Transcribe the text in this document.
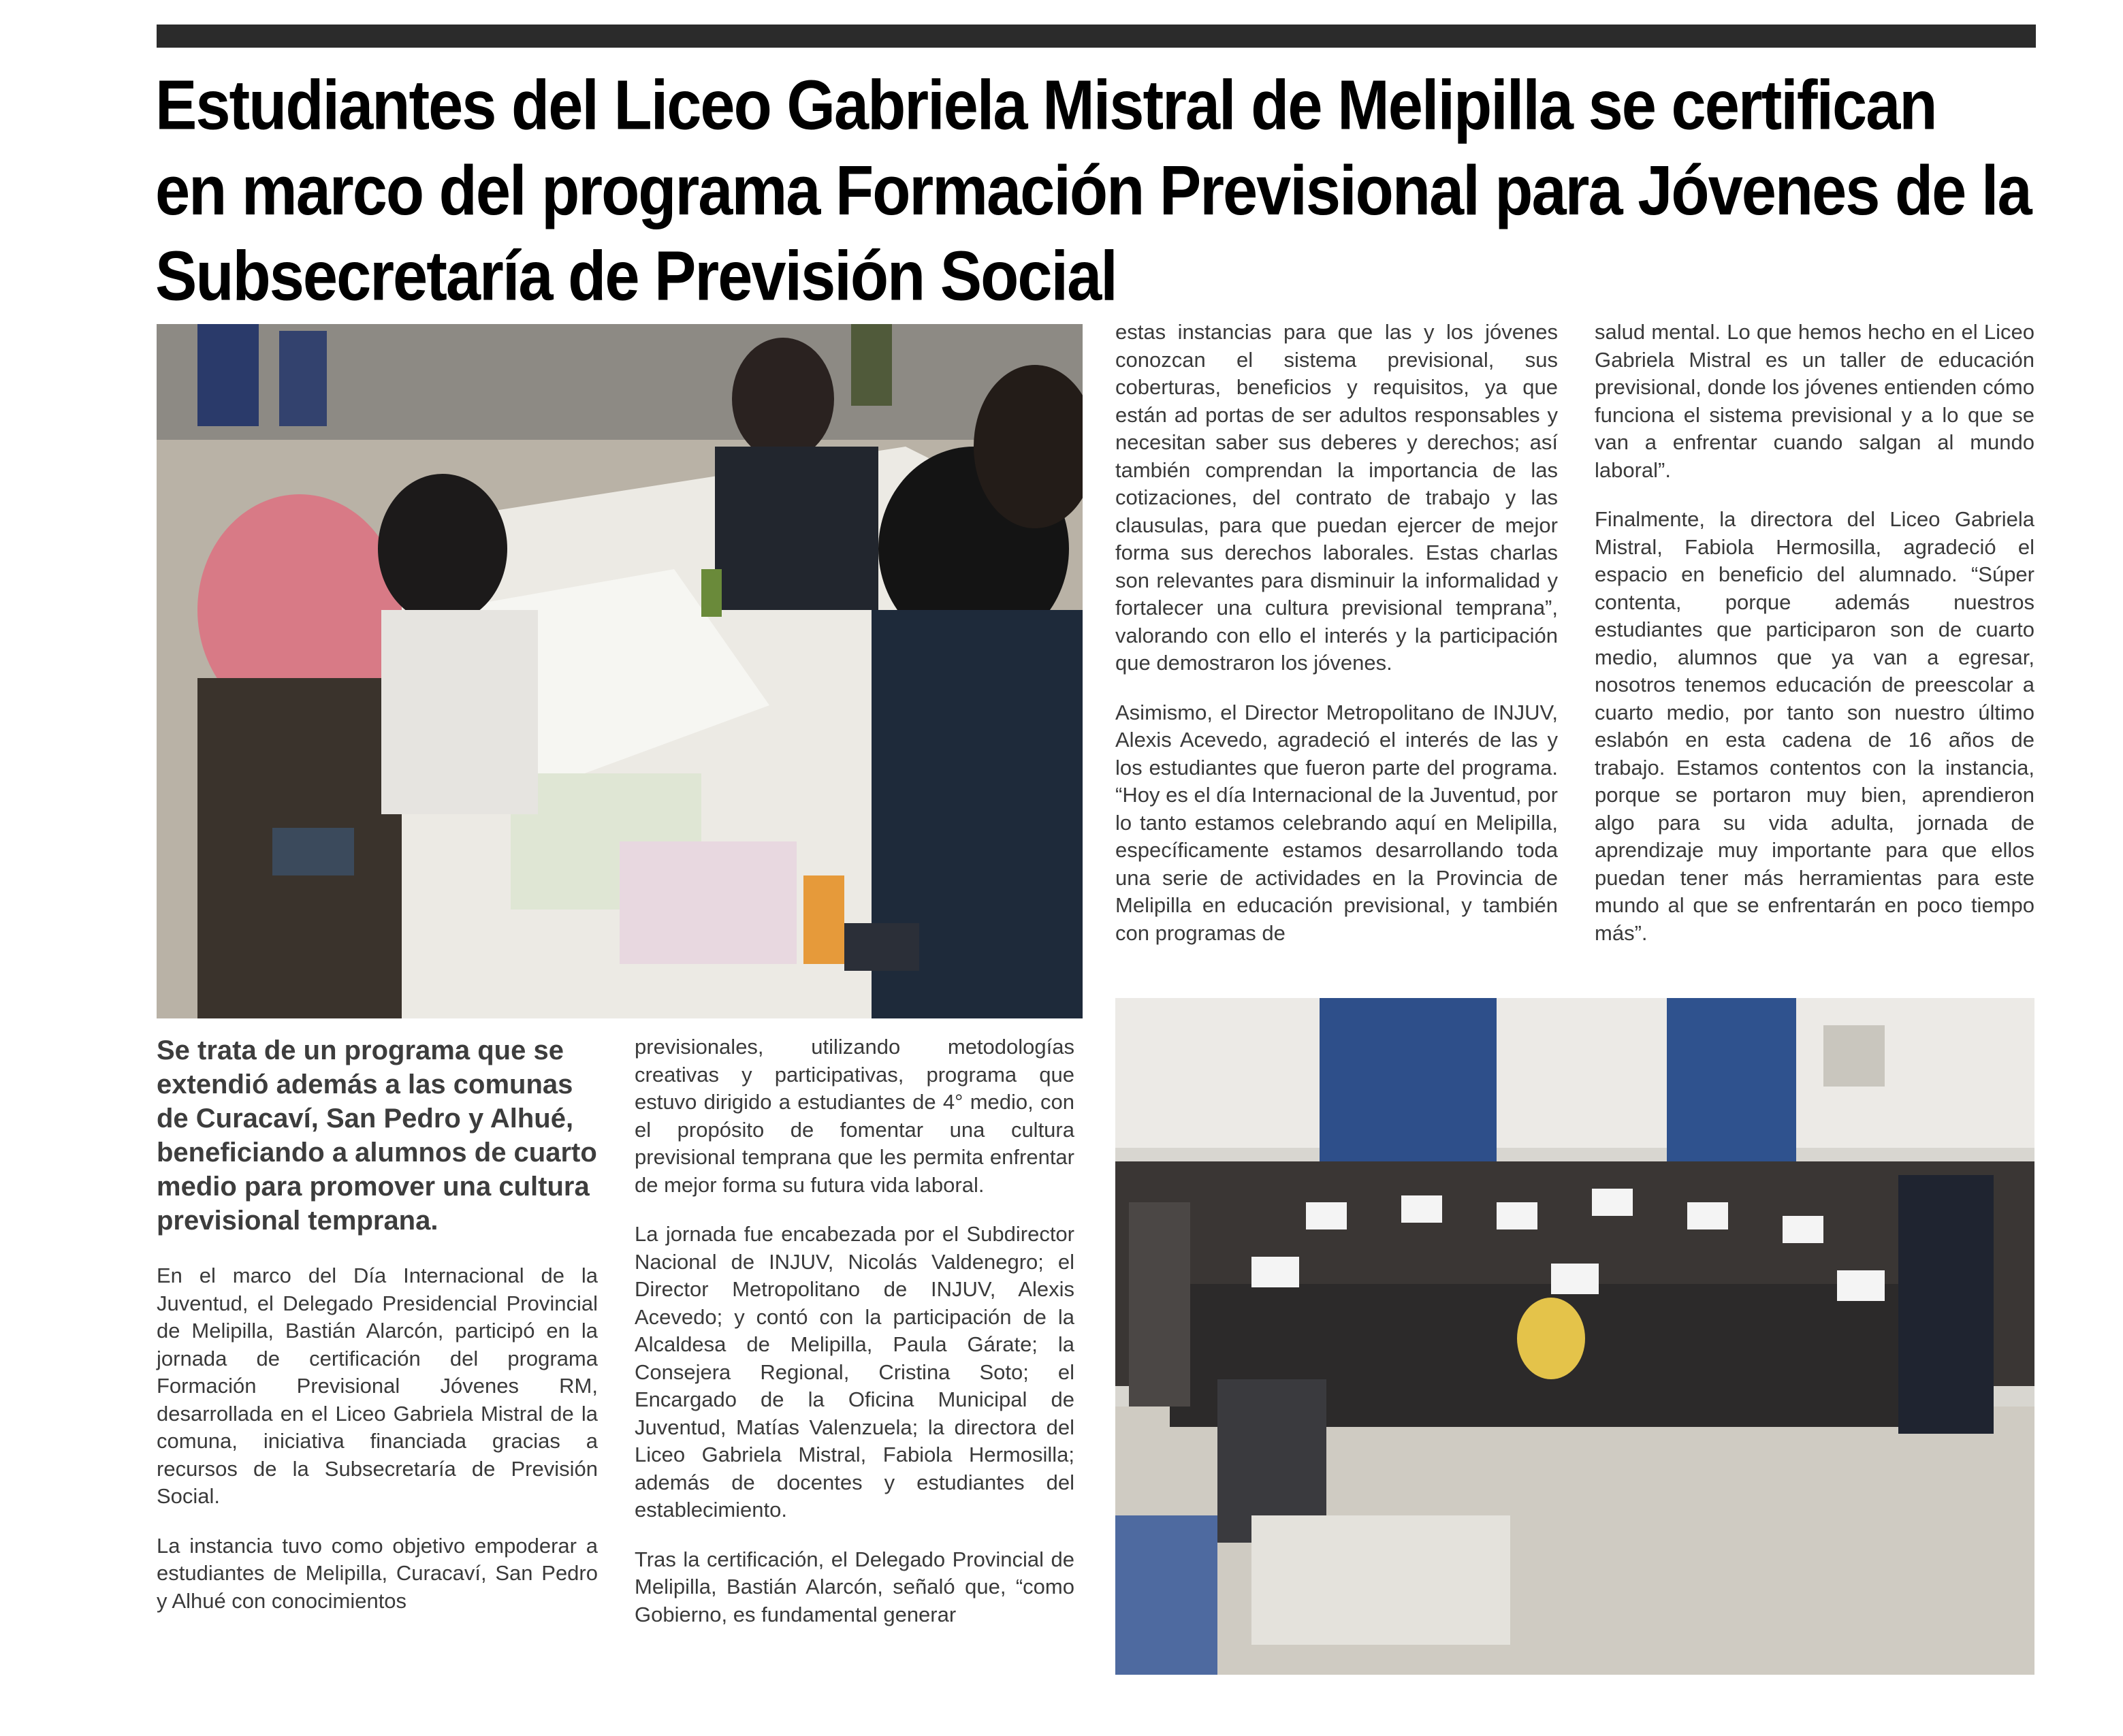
Estudiantes del Liceo Gabriela Mistral de Melipilla se certifican
en marco del programa Formación Previsional para Jóvenes de la
Subsecretaría de Previsión Social

Se trata de un programa que se extendió además a las comunas de Curacaví, San Pedro y Alhué, beneficiando a alumnos de cuarto medio para promover una cultura previsional temprana.

En el marco del Día Internacional de la Juventud, el Delegado Presidencial Provincial de Melipilla, Bastián Alarcón, participó en la jornada de certificación del programa Formación Previsional Jóvenes RM, desarrollada en el Liceo Gabriela Mistral de la comuna, iniciativa financiada gracias a recursos de la Subsecretaría de Previsión Social.

La instancia tuvo como objetivo empoderar a estudiantes de Melipilla, Curacaví, San Pedro y Alhué con conocimientos

previsionales, utilizando metodologías creativas y participativas, programa que estuvo dirigido a estudiantes de 4° medio, con el propósito de fomentar una cultura previsional temprana que les permita enfrentar de mejor forma su futura vida laboral.

La jornada fue encabezada por el Subdirector Nacional de INJUV, Nicolás Valdenegro; el Director Metropolitano de INJUV, Alexis Acevedo; y contó con la participación de la Alcaldesa de Melipilla, Paula Gárate; la Consejera Regional, Cristina Soto; el Encargado de la Oficina Municipal de Juventud, Matías Valenzuela; la directora del Liceo Gabriela Mistral, Fabiola Hermosilla; además de docentes y estudiantes del establecimiento.

Tras la certificación, el Delegado Provincial de Melipilla, Bastián Alarcón, señaló que, “como Gobierno, es fundamental generar

estas instancias para que las y los jóvenes conozcan el sistema previsional, sus coberturas, beneficios y requisitos, ya que están ad portas de ser adultos responsables y necesitan saber sus deberes y derechos; así también comprendan la importancia de las cotizaciones, del contrato de trabajo y las clausulas, para que puedan ejercer de mejor forma sus derechos laborales. Estas charlas son relevantes para disminuir la informalidad y fortalecer una cultura previsional temprana”, valorando con ello el interés y la participación que demostraron los jóvenes.

Asimismo, el Director Metropolitano de INJUV, Alexis Acevedo, agradeció el interés de las y los estudiantes que fueron parte del programa. “Hoy es el día Internacional de la Juventud, por lo tanto estamos celebrando aquí en Melipilla, específicamente estamos desarrollando toda una serie de actividades en la Provincia de Melipilla en educación previsional, y también con programas de

salud mental. Lo que hemos hecho en el Liceo Gabriela Mistral es un taller de educación previsional, donde los jóvenes entienden cómo funciona el sistema previsional y a lo que se van a enfrentar cuando salgan al mundo laboral”.

Finalmente, la directora del Liceo Gabriela Mistral, Fabiola Hermosilla, agradeció el espacio en beneficio del alumnado. “Súper contenta, porque además nuestros estudiantes que participaron son de cuarto medio, alumnos que ya van a egresar, nosotros tenemos educación de preescolar a cuarto medio, por tanto son nuestro último eslabón en esta cadena de 16 años de trabajo. Estamos contentos con la instancia, porque se portaron muy bien, aprendieron algo para su vida adulta, jornada de aprendizaje muy importante para que ellos puedan tener más herramientas para este mundo al que se enfrentarán en poco tiempo más”.
